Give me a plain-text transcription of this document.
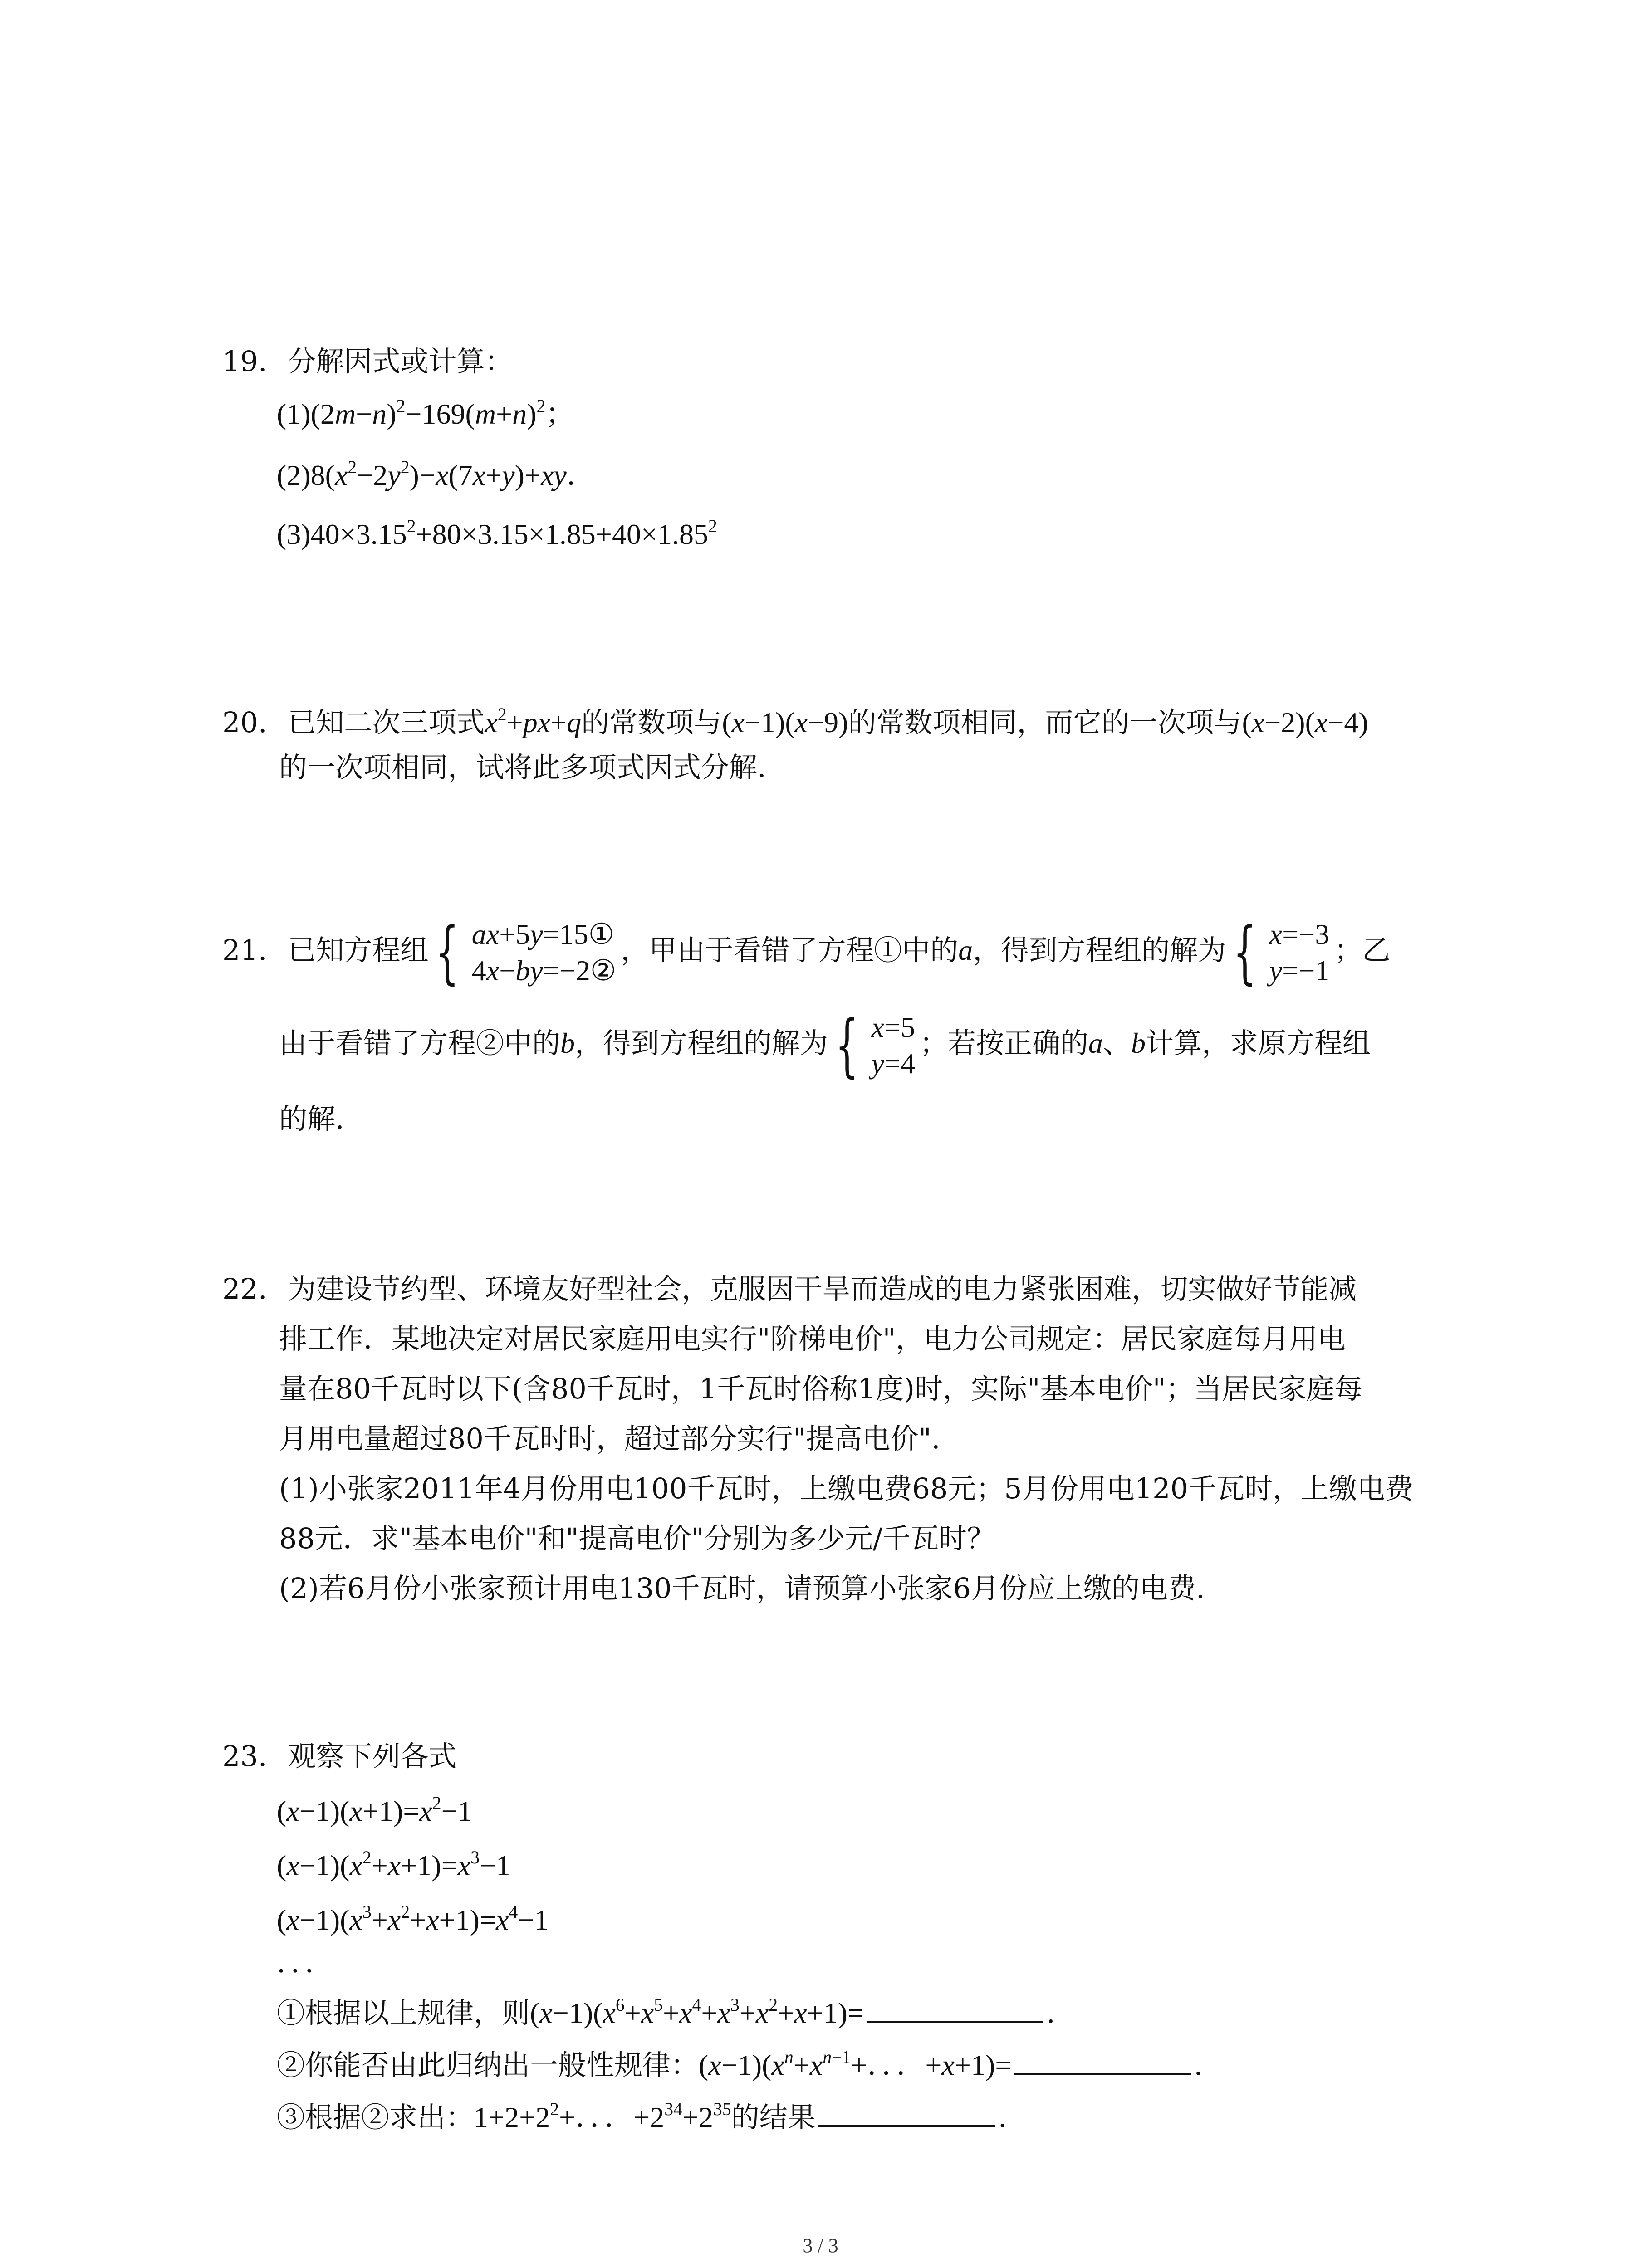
19. 分解因式或计算：
$(1)(2m-n)^2-169(m+n)^2$；
$(2)8(x^2-2y^2)-x(7x+y)+xy$．
$(3)40\times 3.15^2+80\times 3.15\times 1.85+40\times 1.85^2$
20. 已知二次三项式$x^2+px+q$的常数项与(x−1)(x−9)的常数项相同，而它的一次项与(x−2)(x−4)
的一次项相同，试将此多项式因式分解.
21. 已知方程组 { ax+5y=15①
4x−by=−2②
，甲由于看错了方程①中的a，得到方程组的解为 { x=−3
y=−1
；乙
由于看错了方程②中的b，得到方程组的解为 { x=5
y=4
；若按正确的a、b计算，求原方程组
的解.
22. 为建设节约型、环境友好型社会，克服因干旱而造成的电力紧张困难，切实做好节能减
排工作．某地决定对居民家庭用电实行"阶梯电价"，电力公司规定：居民家庭每月用电
量在80千瓦时以下(含80千瓦时，1千瓦时俗称1度)时，实际"基本电价"；当居民家庭每
月用电量超过80千瓦时时，超过部分实行"提高电价".
(1)小张家2011年4月份用电100千瓦时，上缴电费68元；5月份用电120千瓦时，上缴电费
88元．求"基本电价"和"提高电价"分别为多少元/千瓦时？
(2)若6月份小张家预计用电130千瓦时，请预算小张家6月份应上缴的电费.
23. 观察下列各式
$(x-1)(x+1)=x^2-1$
$(x-1)(x^2+x+1)=x^3-1$
$(x-1)(x^3+x^2+x+1)=x^4-1$
．．．
①根据以上规律，则$(x-1)(x^6+x^5+x^4+x^3+x^2+x+1)=$	.
②你能否由此归纳出一般性规律：$(x-1)(x^n+x^{n-1}+$．．．+x+1)=	.
③根据②求出：$1+2+2^2+$．．．$+2^{34}+2^{35}$的结果	.
3 / 3
